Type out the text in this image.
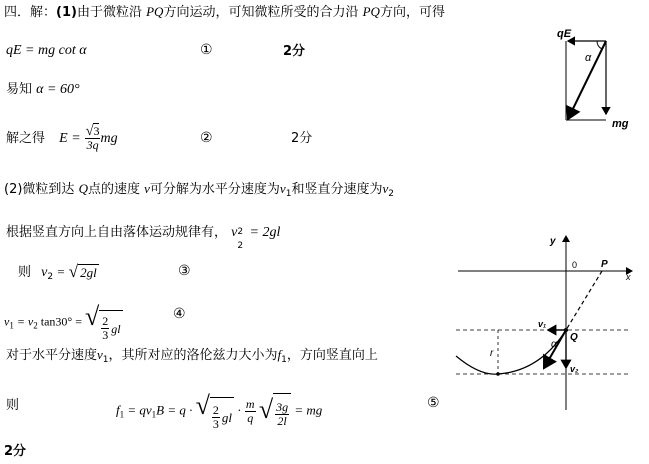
四．解：(1)由于微粒沿 PQ方向运动，可知微粒所受的合力沿 PQ方向，可得
qE = mg cot α	①	2分
易知 α = 60°
解之得 $E = \frac{√3}{3q}$ mg	②	2分
(2)微粒到达 Q点的速度 v可分解为水平分速度为$v_1$和竖直分速度为$v_2$
根据竖直方向上自由落体运动规律有， v
2
2 = 2gl
则 $v_2$ = √ 2gl	③
$v_1 = v_2$ tan30° = √ $\frac{2}{3}$ gl
④
对于水平分速度$v_1$，其所对应的洛伦兹力大小为$f_1$，方向竖直向上
则	$f_1 = qv_1B = q$ · √ $\frac{2}{3}$ gl · $\frac{m}{q}$ √ $\frac{3g}{2l}$ = mg	⑤
2分
qE
α
mg
y
x
0 P
Q
v₁
v₂
α
r
